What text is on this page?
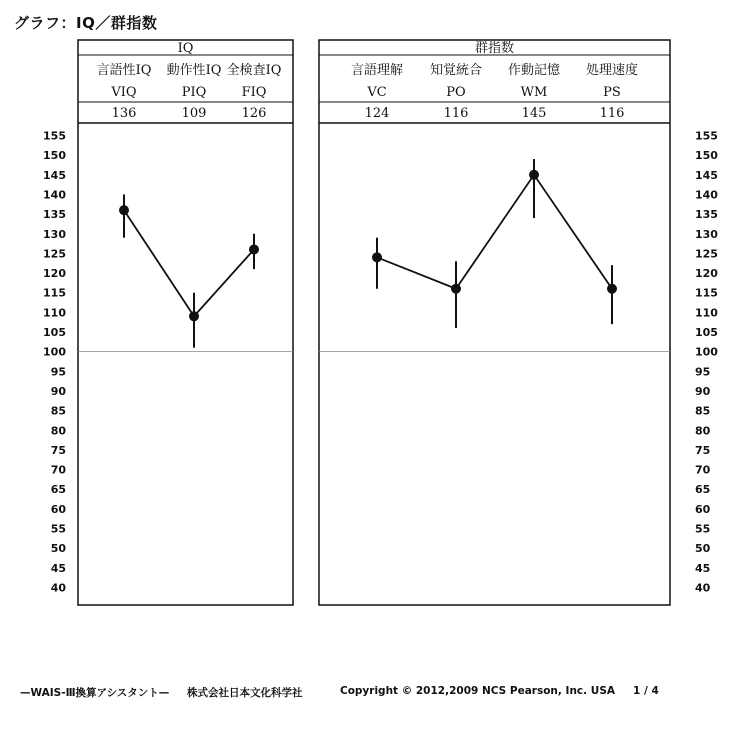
グラフ：IQ／群指数
IQ
言語性IQ
VIQ
136
動作性IQ
PIQ
109
全検査IQ
FIQ
126
群指数
言語理解
VC
124
知覚統合
PO
116
作動記憶
WM
145
処理速度
PS
116
155
150
145
140
135
130
125
120
115
110
105
100
95
90
85
80
75
70
65
60
55
50
45
40
155
150
145
140
135
130
125
120
115
110
105
100
95
90
85
80
75
70
65
60
55
50
45
40
—WAIS-Ⅲ換算アシスタント— 株式会社日本文化科学社	Copyright © 2012,2009 NCS Pearson, Inc. USA 1 / 4
